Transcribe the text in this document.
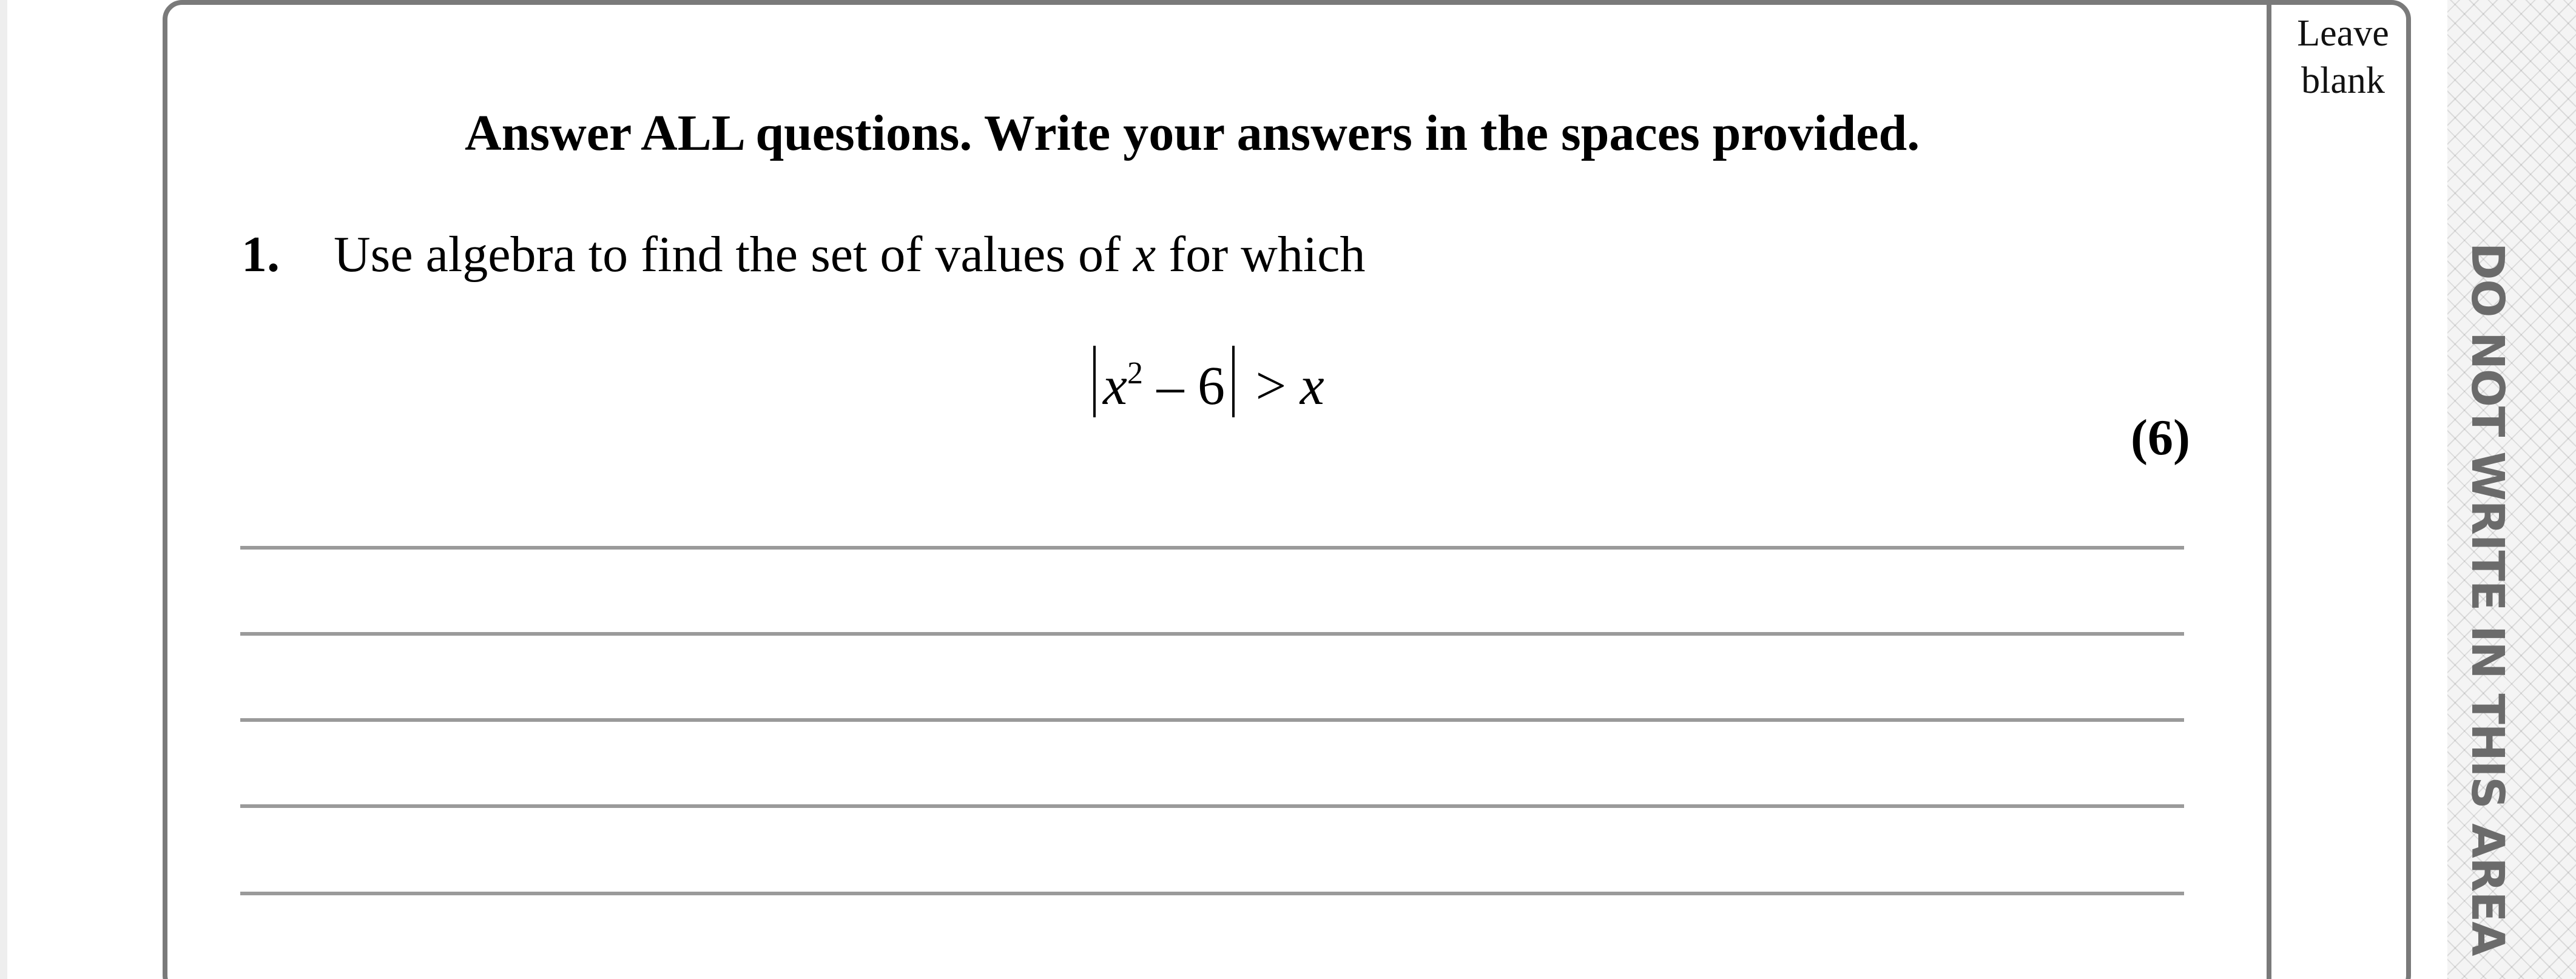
Leave
blank
Answer ALL questions. Write your answers in the spaces provided.
1. Use algebra to find the set of values of x for which
$x^2 - 6 > x$
(6)	DO NOT WRITE IN THIS AREA
